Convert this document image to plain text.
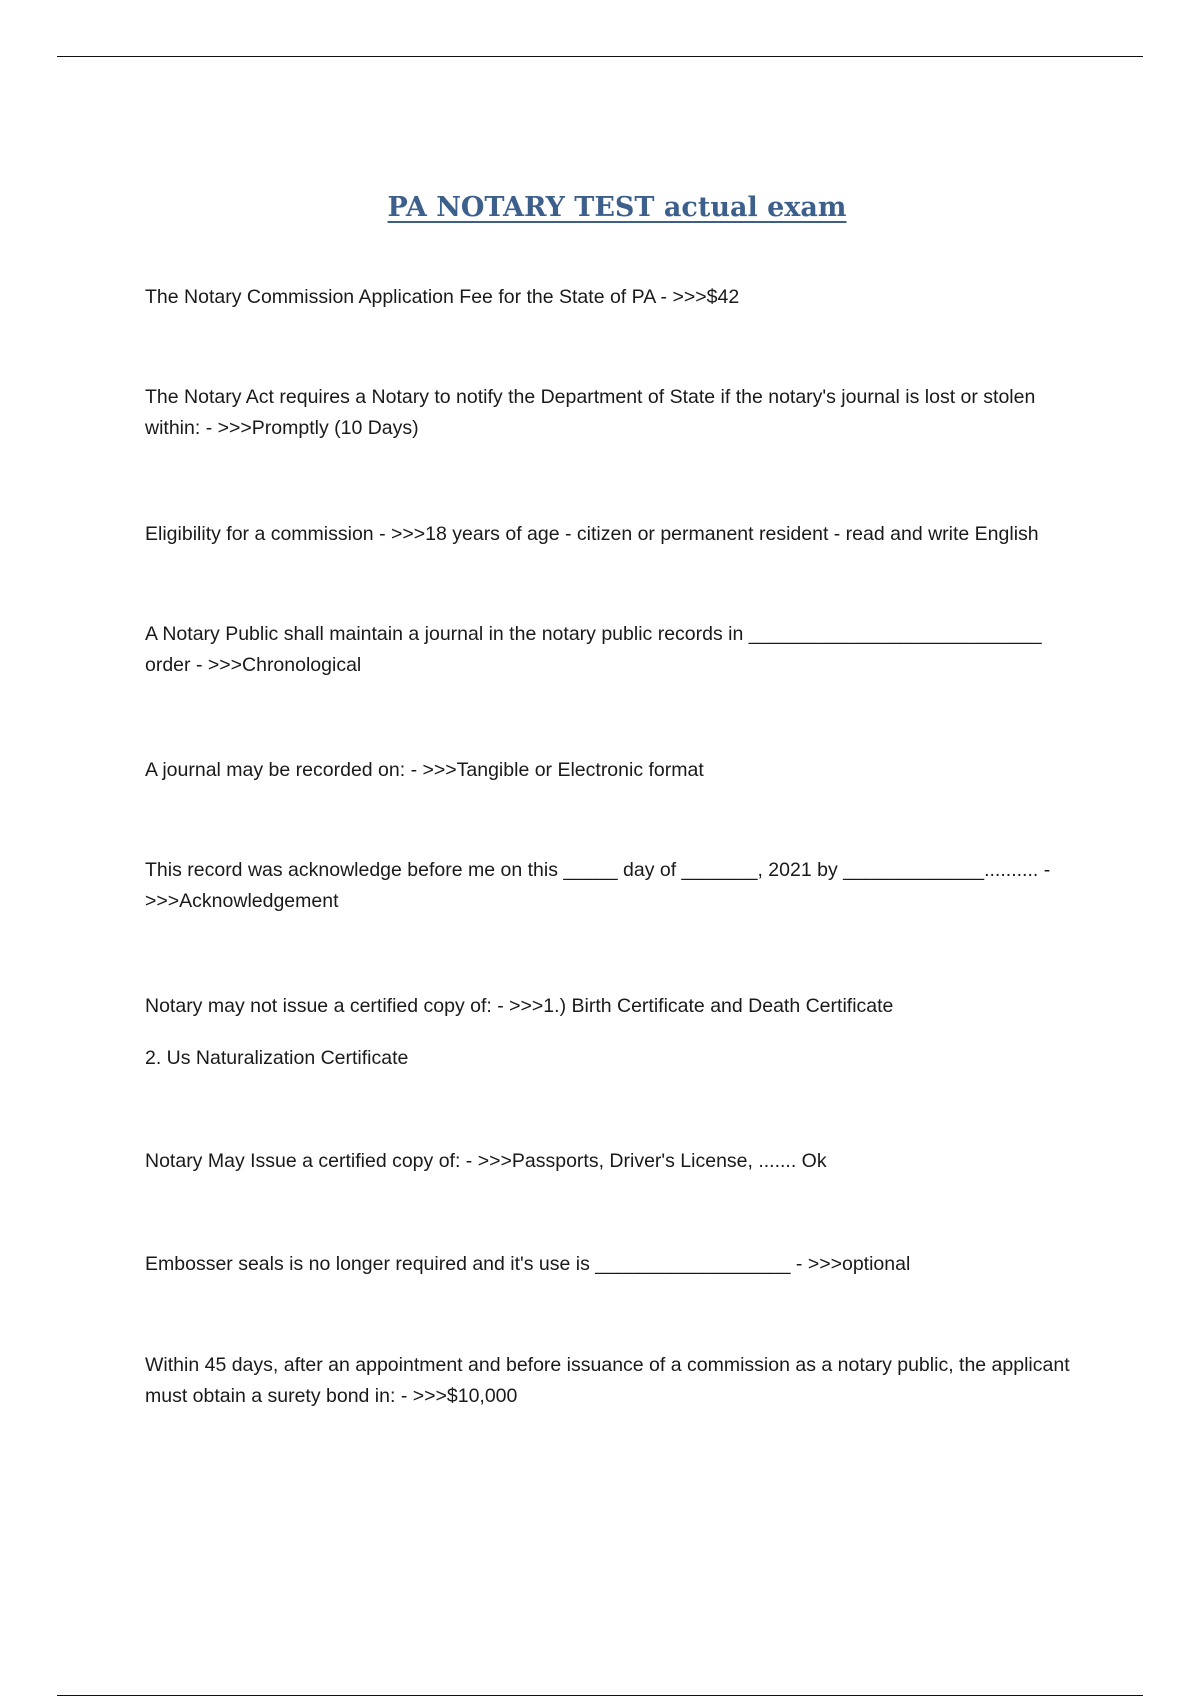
PA NOTARY TEST actual exam

The Notary Commission Application Fee for the State of PA - >>>$42

The Notary Act requires a Notary to notify the Department of State if the notary's journal is lost or stolen within: - >>>Promptly (10 Days)

Eligibility for a commission - >>>18 years of age - citizen or permanent resident - read and write English

A Notary Public shall maintain a journal in the notary public records in ___________________________ order - >>>Chronological

A journal may be recorded on: - >>>Tangible or Electronic format

This record was acknowledge before me on this _____ day of _______, 2021 by _____________.......... - >>>Acknowledgement

Notary may not issue a certified copy of: - >>>1.) Birth Certificate and Death Certificate

2. Us Naturalization Certificate

Notary May Issue a certified copy of: - >>>Passports, Driver's License, ....... Ok

Embosser seals is no longer required and it's use is __________________ - >>>optional

Within 45 days, after an appointment and before issuance of a commission as a notary public, the applicant must obtain a surety bond in: - >>>$10,000
